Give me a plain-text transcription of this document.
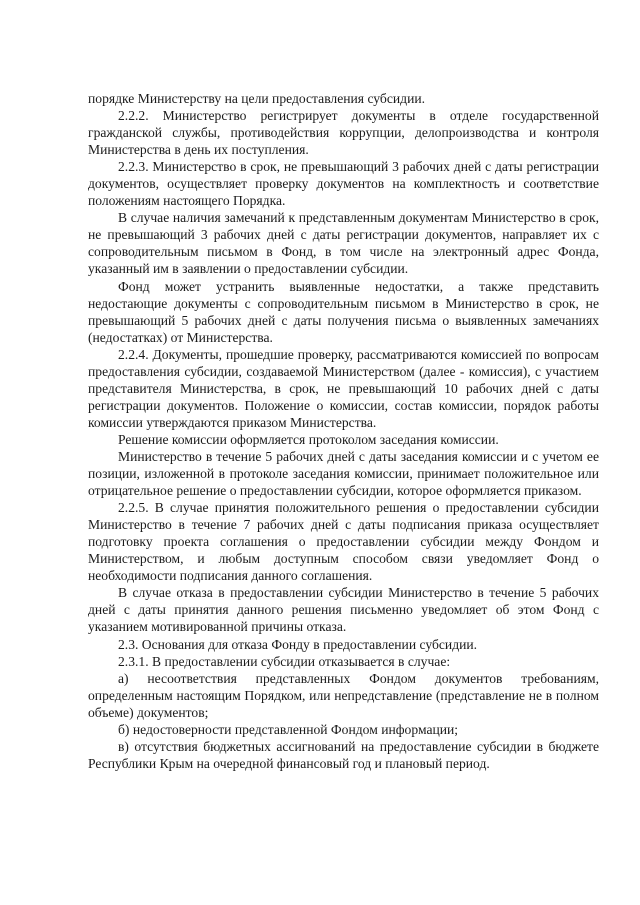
порядке Министерству на цели предоставления субсидии.

2.2.2. Министерство регистрирует документы в отделе государственной гражданской службы, противодействия коррупции, делопроизводства и контроля Министерства в день их поступления.

2.2.3. Министерство в срок, не превышающий 3 рабочих дней с даты регистрации документов, осуществляет проверку документов на комплектность и соответствие положениям настоящего Порядка.

В случае наличия замечаний к представленным документам Министерство в срок, не превышающий 3 рабочих дней с даты регистрации документов, направляет их с сопроводительным письмом в Фонд, в том числе на электронный адрес Фонда, указанный им в заявлении о предоставлении субсидии.

Фонд может устранить выявленные недостатки, а также представить недостающие документы с сопроводительным письмом в Министерство в срок, не превышающий 5 рабочих дней с даты получения письма о выявленных замечаниях (недостатках) от Министерства.

2.2.4. Документы, прошедшие проверку, рассматриваются комиссией по вопросам предоставления субсидии, создаваемой Министерством (далее - комиссия), с участием представителя Министерства, в срок, не превышающий 10 рабочих дней с даты регистрации документов. Положение о комиссии, состав комиссии, порядок работы комиссии утверждаются приказом Министерства.

Решение комиссии оформляется протоколом заседания комиссии.

Министерство в течение 5 рабочих дней с даты заседания комиссии и с учетом ее позиции, изложенной в протоколе заседания комиссии, принимает положительное или отрицательное решение о предоставлении субсидии, которое оформляется приказом.

2.2.5. В случае принятия положительного решения о предоставлении субсидии Министерство в течение 7 рабочих дней с даты подписания приказа осуществляет подготовку проекта соглашения о предоставлении субсидии между Фондом и Министерством, и любым доступным способом связи уведомляет Фонд о необходимости подписания данного соглашения.

В случае отказа в предоставлении субсидии Министерство в течение 5 рабочих дней с даты принятия данного решения письменно уведомляет об этом Фонд с указанием мотивированной причины отказа.

2.3. Основания для отказа Фонду в предоставлении субсидии.

2.3.1. В предоставлении субсидии отказывается в случае:

а) несоответствия представленных Фондом документов требованиям, определенным настоящим Порядком, или непредставление (представление не в полном объеме) документов;

б) недостоверности представленной Фондом информации;

в) отсутствия бюджетных ассигнований на предоставление субсидии в бюджете Республики Крым на очередной финансовый год и плановый период.
